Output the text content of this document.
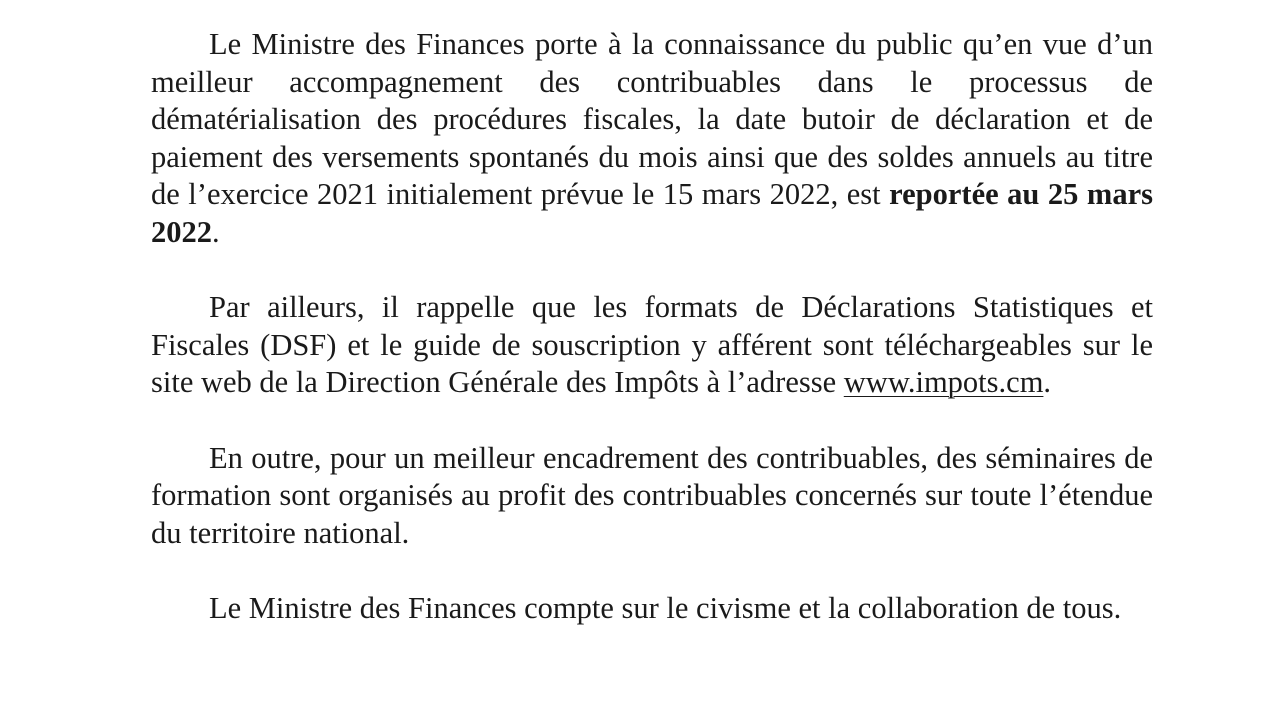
Le Ministre des Finances porte à la connaissance du public qu’en vue d’un meilleur accompagnement des contribuables dans le processus de dématérialisation des procédures fiscales, la date butoir de déclaration et de paiement des versements spontanés du mois ainsi que des soldes annuels au titre de l’exercice 2021 initialement prévue le 15 mars 2022, est reportée au 25 mars 2022.

Par ailleurs, il rappelle que les formats de Déclarations Statistiques et Fiscales (DSF) et le guide de souscription y afférent sont téléchargeables sur le site web de la Direction Générale des Impôts à l’adresse www.impots.cm.

En outre, pour un meilleur encadrement des contribuables, des séminaires de formation sont organisés au profit des contribuables concernés sur toute l’étendue du territoire national.

Le Ministre des Finances compte sur le civisme et la collaboration de tous.
